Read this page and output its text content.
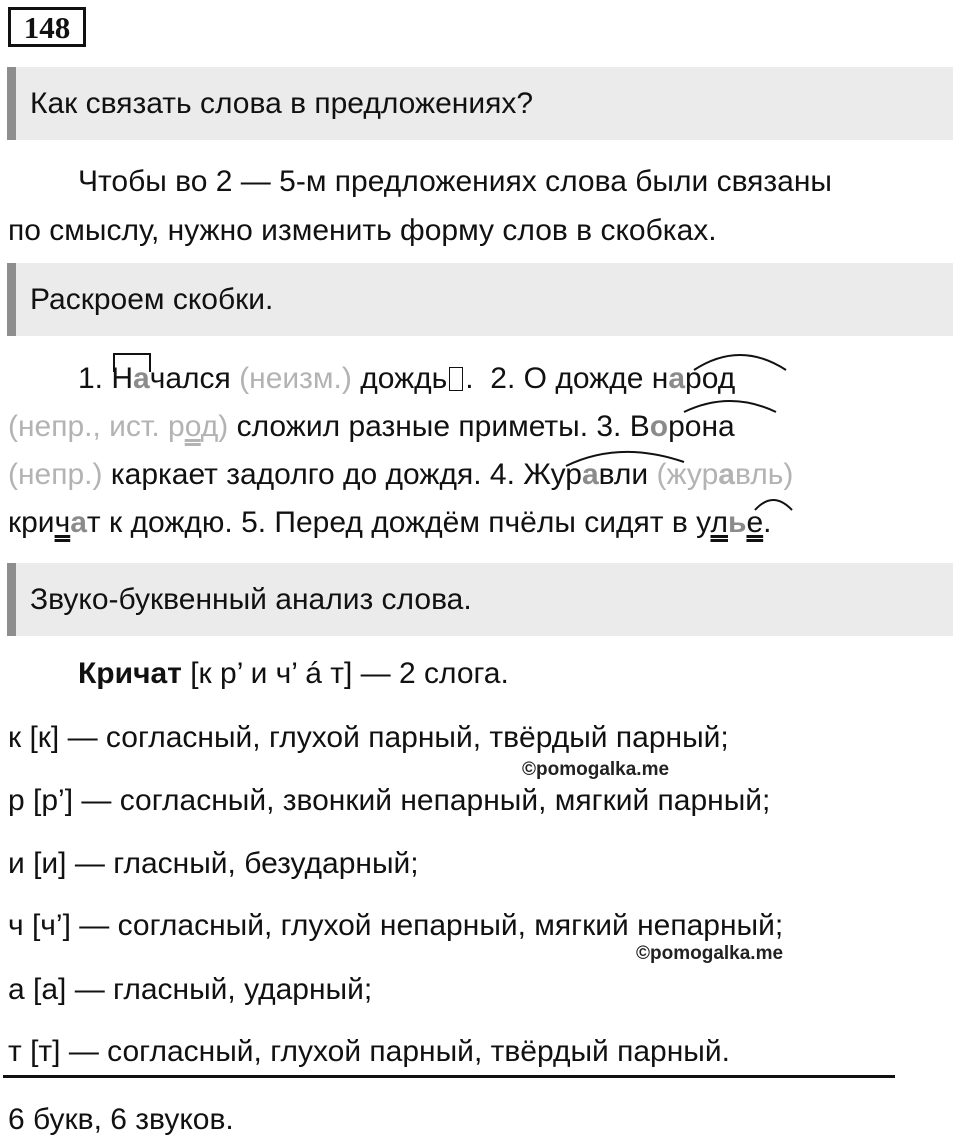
148
Как связать слова в предложениях?
Чтобы во 2 — 5-м предложениях слова были связаны
по смыслу, нужно изменить форму слов в скобках.
Раскроем скобки.
1. Начался (неизм.) дождь . 2. О дожде народ
(непр., ист. род) сложил разные приметы. 3. Ворона
(непр.) каркает задолго до дождя. 4. Журавли (журавль)
кричат к дождю. 5. Перед дождём пчёлы сидят в улье.
Звуко-буквенный анализ слова.
Кричат [к р’ и ч’ á т] — 2 слога.
к [к] — согласный, глухой парный, твёрдый парный;
©pomogalka.me
р [р’] — согласный, звонкий непарный, мягкий парный;
и [и] — гласный, безударный;
ч [ч’] — согласный, глухой непарный, мягкий непарный;
©pomogalka.me
а [а] — гласный, ударный;
т [т] — согласный, глухой парный, твёрдый парный.
6 букв, 6 звуков.
